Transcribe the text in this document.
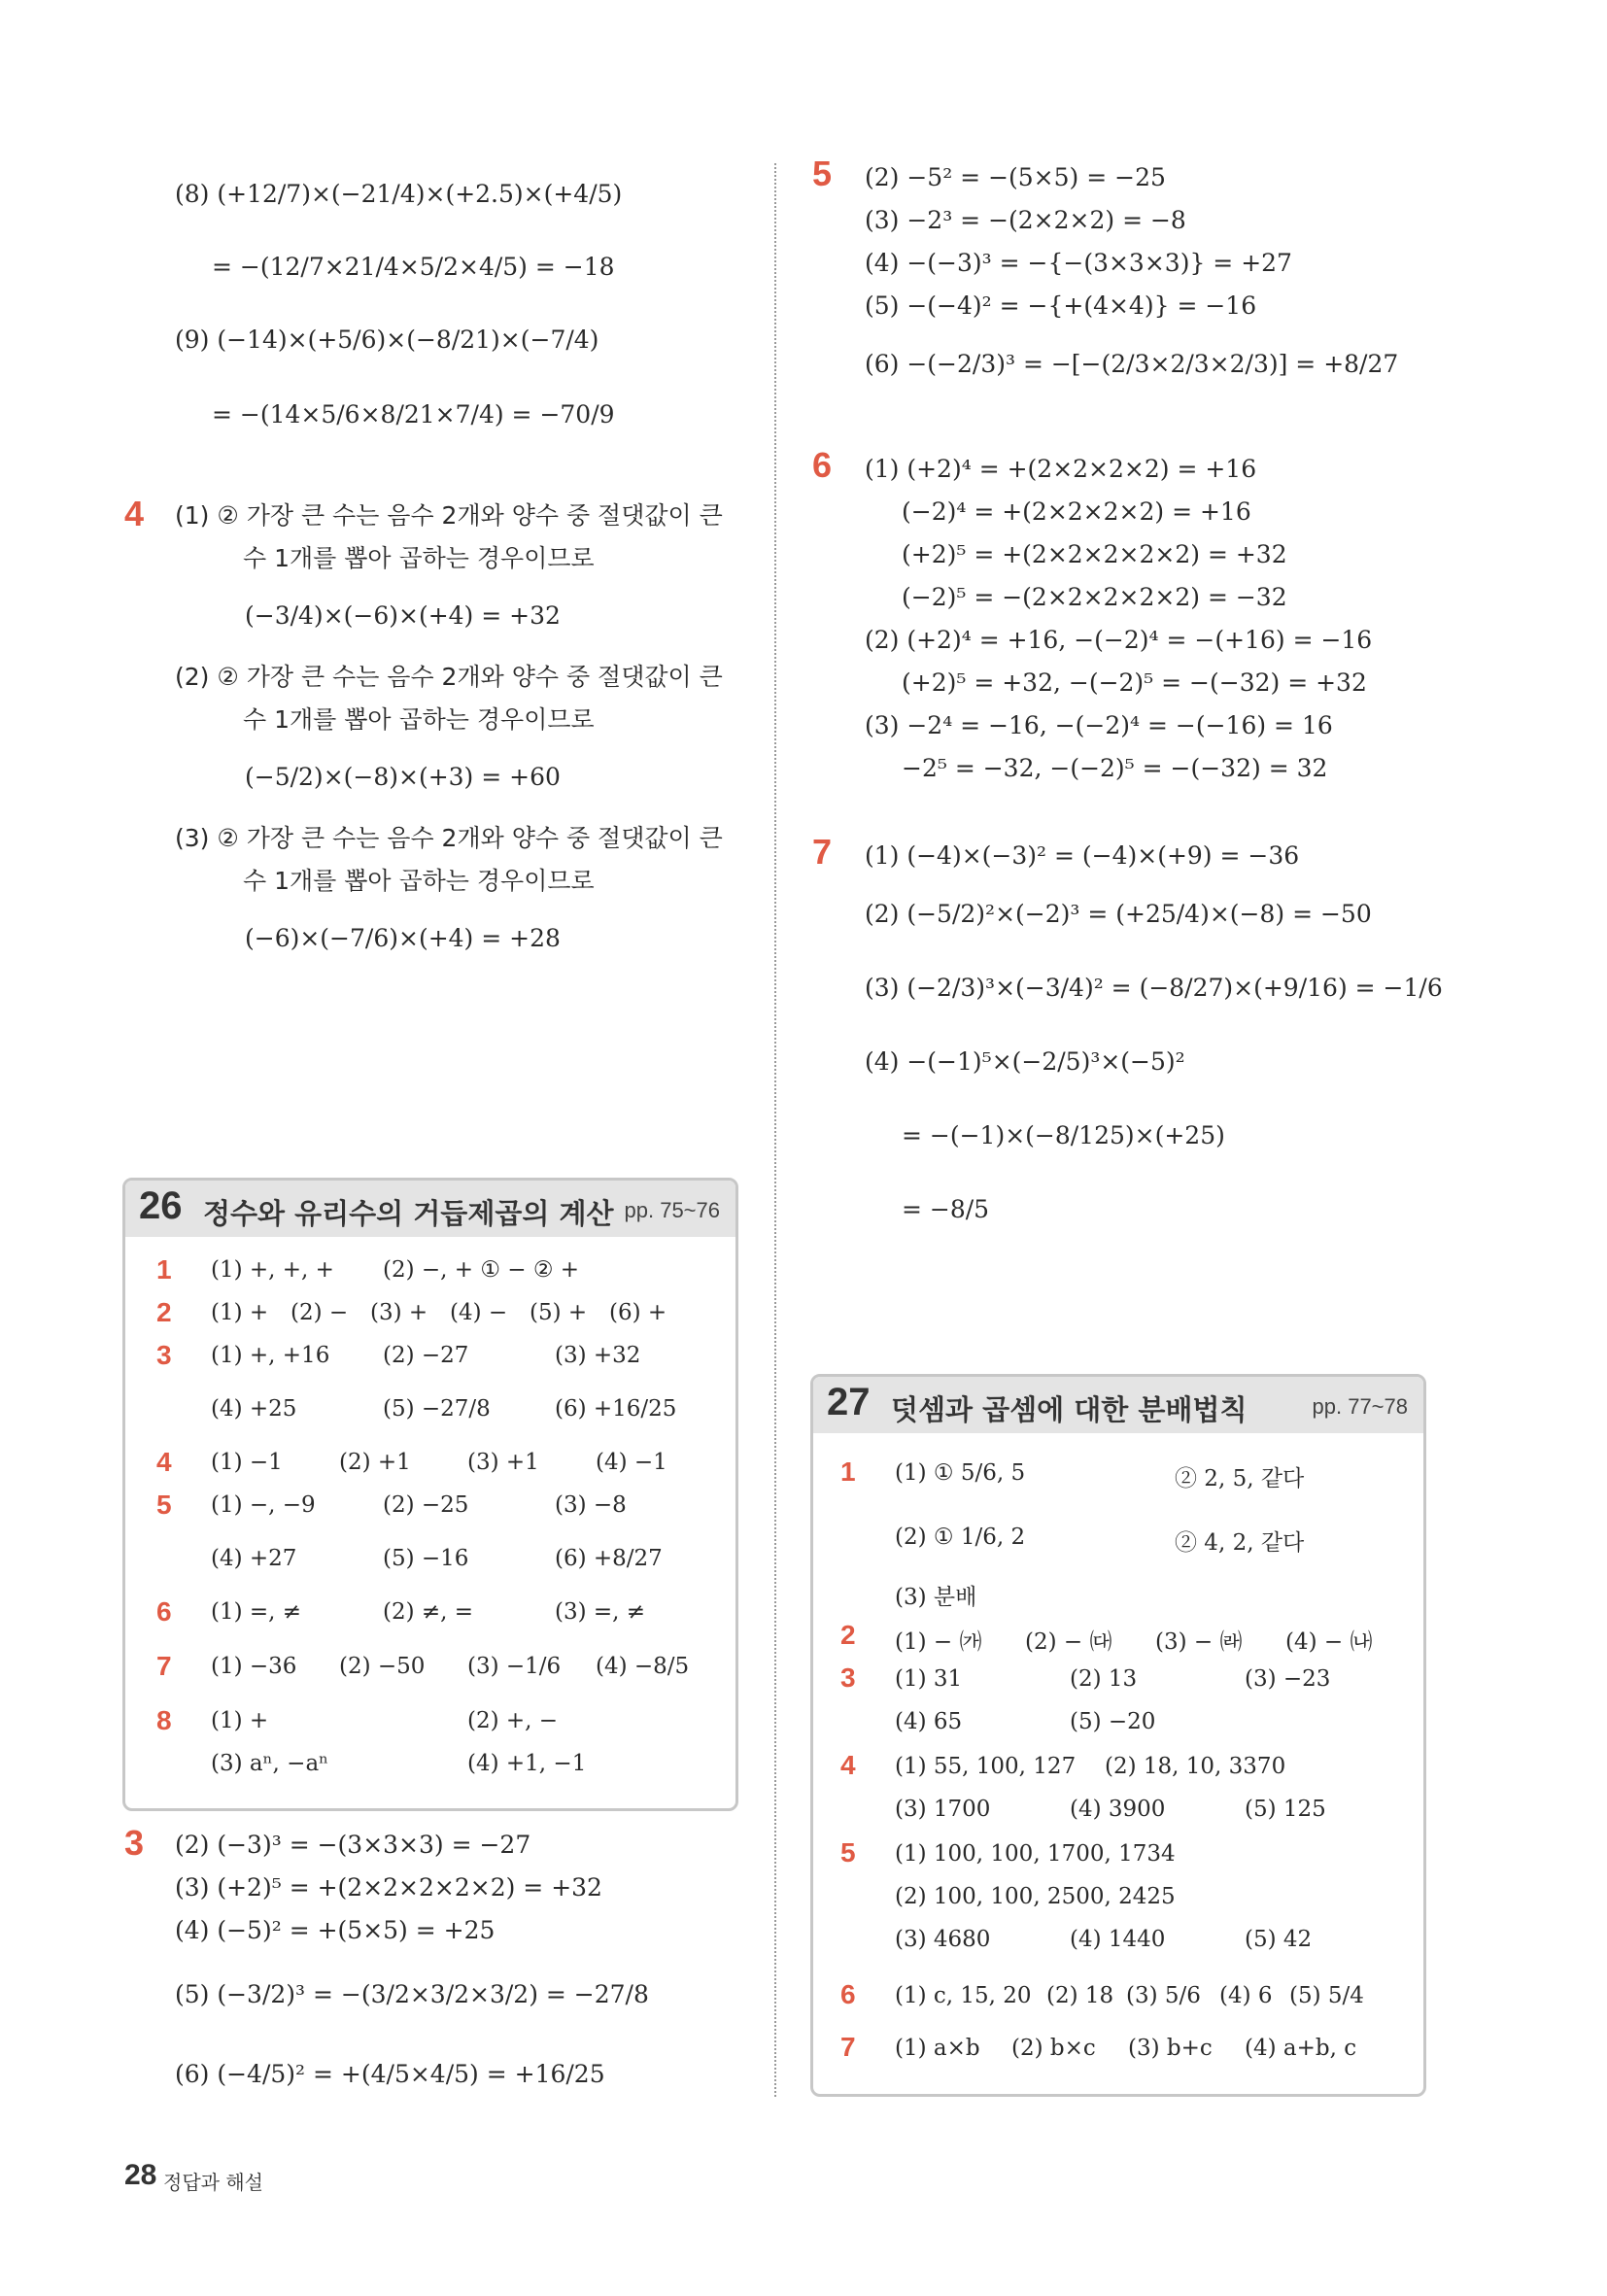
(8) (+12/7)×(−21/4)×(+2.5)×(+4/5)
= −(12/7×21/4×5/2×4/5) = −18
(9) (−14)×(+5/6)×(−8/21)×(−7/4)
= −(14×5/6×8/21×7/4) = −70/9
4 (1) ② 가장 큰 수는 음수 2개와 양수 중 절댓값이 큰
수 1개를 뽑아 곱하는 경우이므로
(−3/4)×(−6)×(+4) = +32
(2) ② 가장 큰 수는 음수 2개와 양수 중 절댓값이 큰
수 1개를 뽑아 곱하는 경우이므로
(−5/2)×(−8)×(+3) = +60
(3) ② 가장 큰 수는 음수 2개와 양수 중 절댓값이 큰
수 1개를 뽑아 곱하는 경우이므로
(−6)×(−7/6)×(+4) = +28
26 정수와 유리수의 거듭제곱의 계산 pp. 75~76
1 (1) +, +, + (2) −, + ① − ② +
2 (1) + (2) − (3) + (4) − (5) + (6) +
3 (1) +, +16 (2) −27	(3) +32
(4) +25	(5) −27/8	(6) +16/25
4 (1) −1	(2) +1	(3) +1	(4) −1
5 (1) −, −9	(2) −25	(3) −8
(4) +27	(5) −16	(6) +8/27
6 (1) =, ≠	(2) ≠, =	(3) =, ≠
7 (1) −36 (2) −50 (3) −1/6 (4) −8/5
8 (1) +	(2) +, −
(3) aⁿ, −aⁿ	(4) +1, −1
3 (2) (−3)³ = −(3×3×3) = −27
(3) (+2)⁵ = +(2×2×2×2×2) = +32
(4) (−5)² = +(5×5) = +25
(5) (−3/2)³ = −(3/2×3/2×3/2) = −27/8
(6) (−4/5)² = +(4/5×4/5) = +16/25
5 (2) −5² = −(5×5) = −25
(3) −2³ = −(2×2×2) = −8
(4) −(−3)³ = −{−(3×3×3)} = +27
(5) −(−4)² = −{+(4×4)} = −16
(6) −(−2/3)³ = −[−(2/3×2/3×2/3)] = +8/27
6 (1) (+2)⁴ = +(2×2×2×2) = +16
(−2)⁴ = +(2×2×2×2) = +16
(+2)⁵ = +(2×2×2×2×2) = +32
(−2)⁵ = −(2×2×2×2×2) = −32
(2) (+2)⁴ = +16, −(−2)⁴ = −(+16) = −16
(+2)⁵ = +32, −(−2)⁵ = −(−32) = +32
(3) −2⁴ = −16, −(−2)⁴ = −(−16) = 16
−2⁵ = −32, −(−2)⁵ = −(−32) = 32
7 (1) (−4)×(−3)² = (−4)×(+9) = −36
(2) (−5/2)²×(−2)³ = (+25/4)×(−8) = −50
(3) (−2/3)³×(−3/4)² = (−8/27)×(+9/16) = −1/6
(4) −(−1)⁵×(−2/5)³×(−5)²
= −(−1)×(−8/125)×(+25)
= −8/5
27 덧셈과 곱셈에 대한 분배법칙	pp. 77~78
1 (1) ① 5/6, 5	② 2, 5, 같다
(2) ① 1/6, 2	② 4, 2, 같다
(3) 분배
2 (1) − ㈎ (2) − ㈐ (3) − ㈑ (4) − ㈏
3 (1) 31	(2) 13	(3) −23
(4) 65	(5) −20
4 (1) 55, 100, 127 (2) 18, 10, 3370
(3) 1700	(4) 3900	(5) 125
5 (1) 100, 100, 1700, 1734
(2) 100, 100, 2500, 2425
(3) 4680	(4) 1440	(5) 42
6 (1) c, 15, 20 (2) 18 (3) 5/6 (4) 6 (5) 5/4
7 (1) a×b (2) b×c (3) b+c (4) a+b, c
28 정답과 해설
